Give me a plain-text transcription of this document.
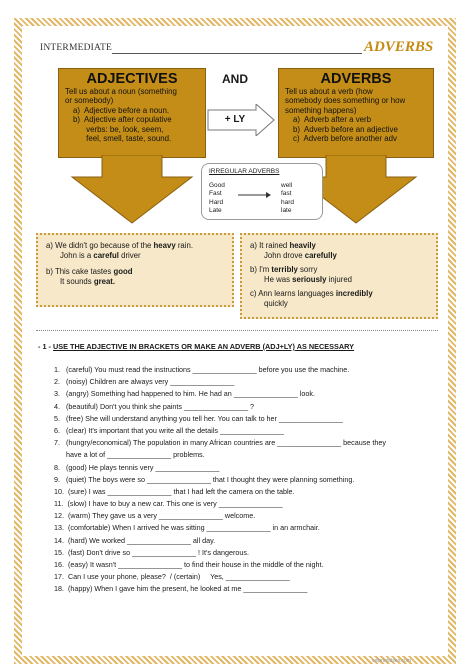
INTERMEDIATE	ADVERBS
ADJECTIVES
Tell us about a noun (something
or somebody)
a)  Adjective before a noun.
b)  Adjective after copulative
verbs: be, look, seem,
feel, smell, taste, sound.
AND
+ LY
ADVERBS
Tell us about a verb (how
somebody does something or how
something happens)
a)  Adverb after a verb
b)  Adverb before an adjective
c)  Adverb before another adv
IRREGULAR ADVERBS
Good	well
Fast	fast
Hard	hard
Late	late
a) We didn't go because of the heavy rain.
John is a careful driver
b) This cake tastes good
It sounds great.
a) It rained heavily
John drove carefully
b) I'm terribly sorry
He was seriously injured
c) Ann learns languages incredibly
quickly
- 1 - USE THE ADJECTIVE IN BRACKETS OR MAKE AN ADVERB (ADJ+LY) AS NECESSARY
1.   (careful) You must read the instructions ________________ before you use the machine.
2.   (noisy) Children are always very ________________
3.   (angry) Something had happened to him. He had an ________________ look.
4.   (beautiful) Don't you think she paints ________________ ?
5.   (free) She will understand anything you tell her. You can talk to her ________________
6.   (clear) It's important that you write all the details ________________
7.   (hungry/economical) The population in many African countries are ________________ because they
have a lot of ________________ problems.
8.   (good) He plays tennis very ________________
9.   (quiet) The boys were so ________________ that I thought they were planning something.
10.  (sure) I was ________________ that I had left the camera on the table.
11.  (slow) I have to buy a new car. This one is very ________________
12.  (warm) They gave us a very ________________ welcome.
13.  (comfortable) When I arrived he was sitting ________________ in an armchair.
14.  (hard) We worked ________________ all day.
15.  (fast) Don't drive so ________________ ! It's dangerous.
16.  (easy) It wasn't ________________ to find their house in the middle of the night.
17.  Can I use your phone, please?  / (certain)     Yes, ________________
18.  (happy) When I gave him the present, he looked at me ________________
eslprintables.com
